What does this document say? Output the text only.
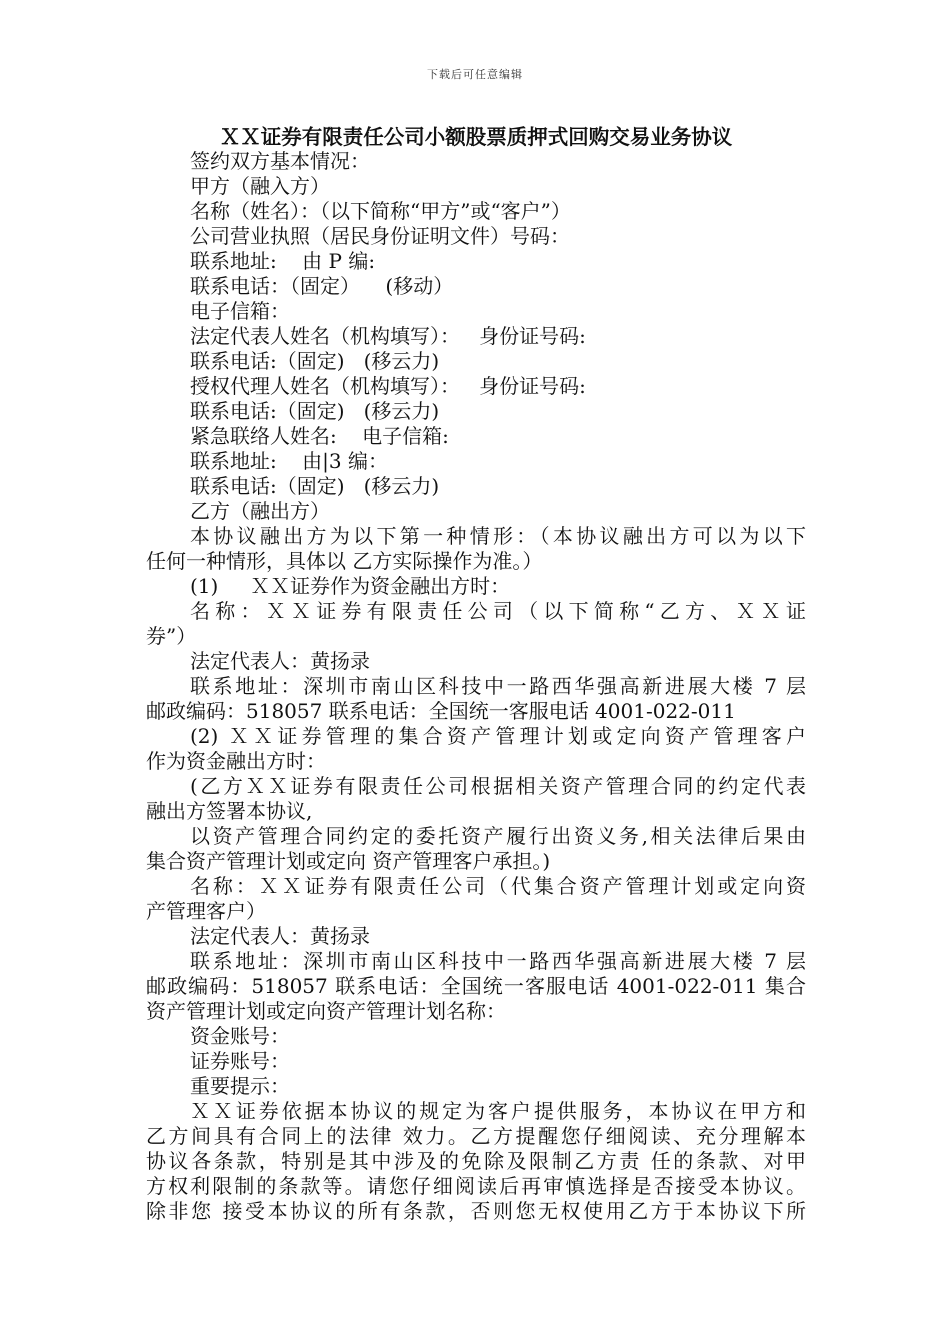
下载后可任意编辑
ＸＸ证券有限责任公司小额股票质押式回购交易业务协议
签约双方基本情况：
甲方（融入方）
名称（姓名）：（以下简称“甲方”或“客户”）
公司营业执照（居民身份证明文件）号码：
联系地址:    由 P 编:
联系电话：（固定）    (移动）
电子信箱：
法定代表人姓名（机构填写）：   身份证号码:
联系电话:（固定)   (移云力)
授权代理人姓名（机构填写）：   身份证号码:
联系电话:（固定)   (移云力)
紧急联络人姓名:    电子信箱:
联系地址:    由|3 编：
联系电话:（固定)   (移云力)
乙方（融出方）
本协议融出方为以下第一种情形：（本协议融出方可以为以下
任何一种情形，具体以 乙方实际操作为准。）
(1)     ＸＸ证券作为资金融出方时：
名称：ＸＸ证券有限责任公司（以下简称“乙方、ＸＸ证
券”）
法定代表人：黄扬录
联系地址：深圳市南山区科技中一路西华强高新进展大楼 7 层
邮政编码：518057 联系电话：全国统一客服电话 4001-022-011
(2) ＸＸ证券管理的集合资产管理计划或定向资产管理客户
作为资金融出方时：
(乙方ＸＸ证券有限责任公司根据相关资产管理合同的约定代表
融出方签署本协议,
以资产管理合同约定的委托资产履行出资义务,相关法律后果由
集合资产管理计划或定向 资产管理客户承担。)
名称：ＸＸ证券有限责任公司（代集合资产管理计划或定向资
产管理客户）
法定代表人：黄扬录
联系地址：深圳市南山区科技中一路西华强高新进展大楼 7 层
邮政编码：518057 联系电话：全国统一客服电话 4001-022-011 集合
资产管理计划或定向资产管理计划名称：
资金账号：
证券账号：
重要提示：
ＸＸ证券依据本协议的规定为客户提供服务，本协议在甲方和
乙方间具有合同上的法律 效力。乙方提醒您仔细阅读、充分理解本
协议各条款，特别是其中涉及的免除及限制乙方责 任的条款、对甲
方权利限制的条款等。请您仔细阅读后再审慎选择是否接受本协议。
除非您 接受本协议的所有条款，否则您无权使用乙方于本协议下所
